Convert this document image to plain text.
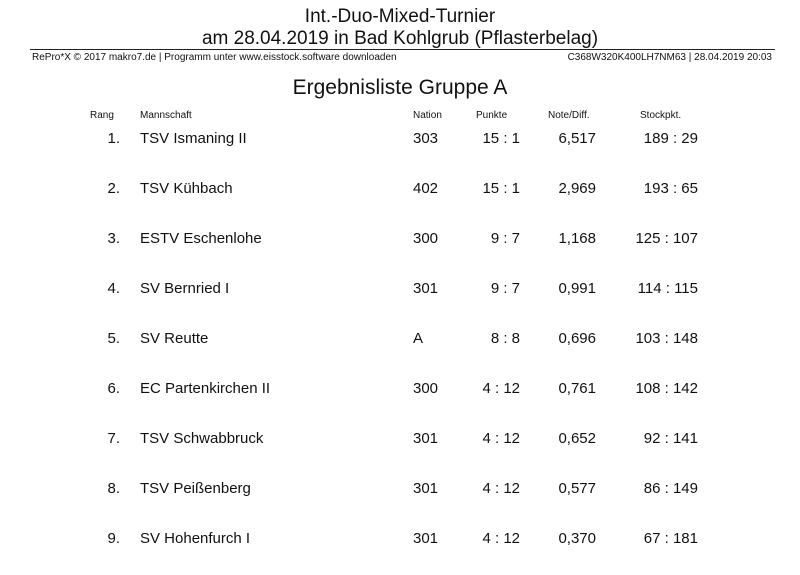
Int.-Duo-Mixed-Turnier
am 28.04.2019 in Bad Kohlgrub (Pflasterbelag)
RePro*X © 2017 makro7.de | Programm unter www.eisstock.software downloaden	C368W320K400LH7NM63 | 28.04.2019 20:03
Ergebnisliste Gruppe A
Rang	Mannschaft	Nation	Punkte	Note/Diff.	Stockpkt.
1. TSV Ismaning II	303	15 : 1	6,517	189 : 29
2. TSV Kühbach	402	15 : 1	2,969	193 : 65
3. ESTV Eschenlohe	300	9 : 7	1,168	125 : 107
4. SV Bernried I	301	9 : 7	0,991	114 : 115
5. SV Reutte	A	8 : 8	0,696	103 : 148
6. EC Partenkirchen II	300	4 : 12	0,761	108 : 142
7. TSV Schwabbruck	301	4 : 12	0,652	92 : 141
8. TSV Peißenberg	301	4 : 12	0,577	86 : 149
9. SV Hohenfurch I	301	4 : 12	0,370	67 : 181
